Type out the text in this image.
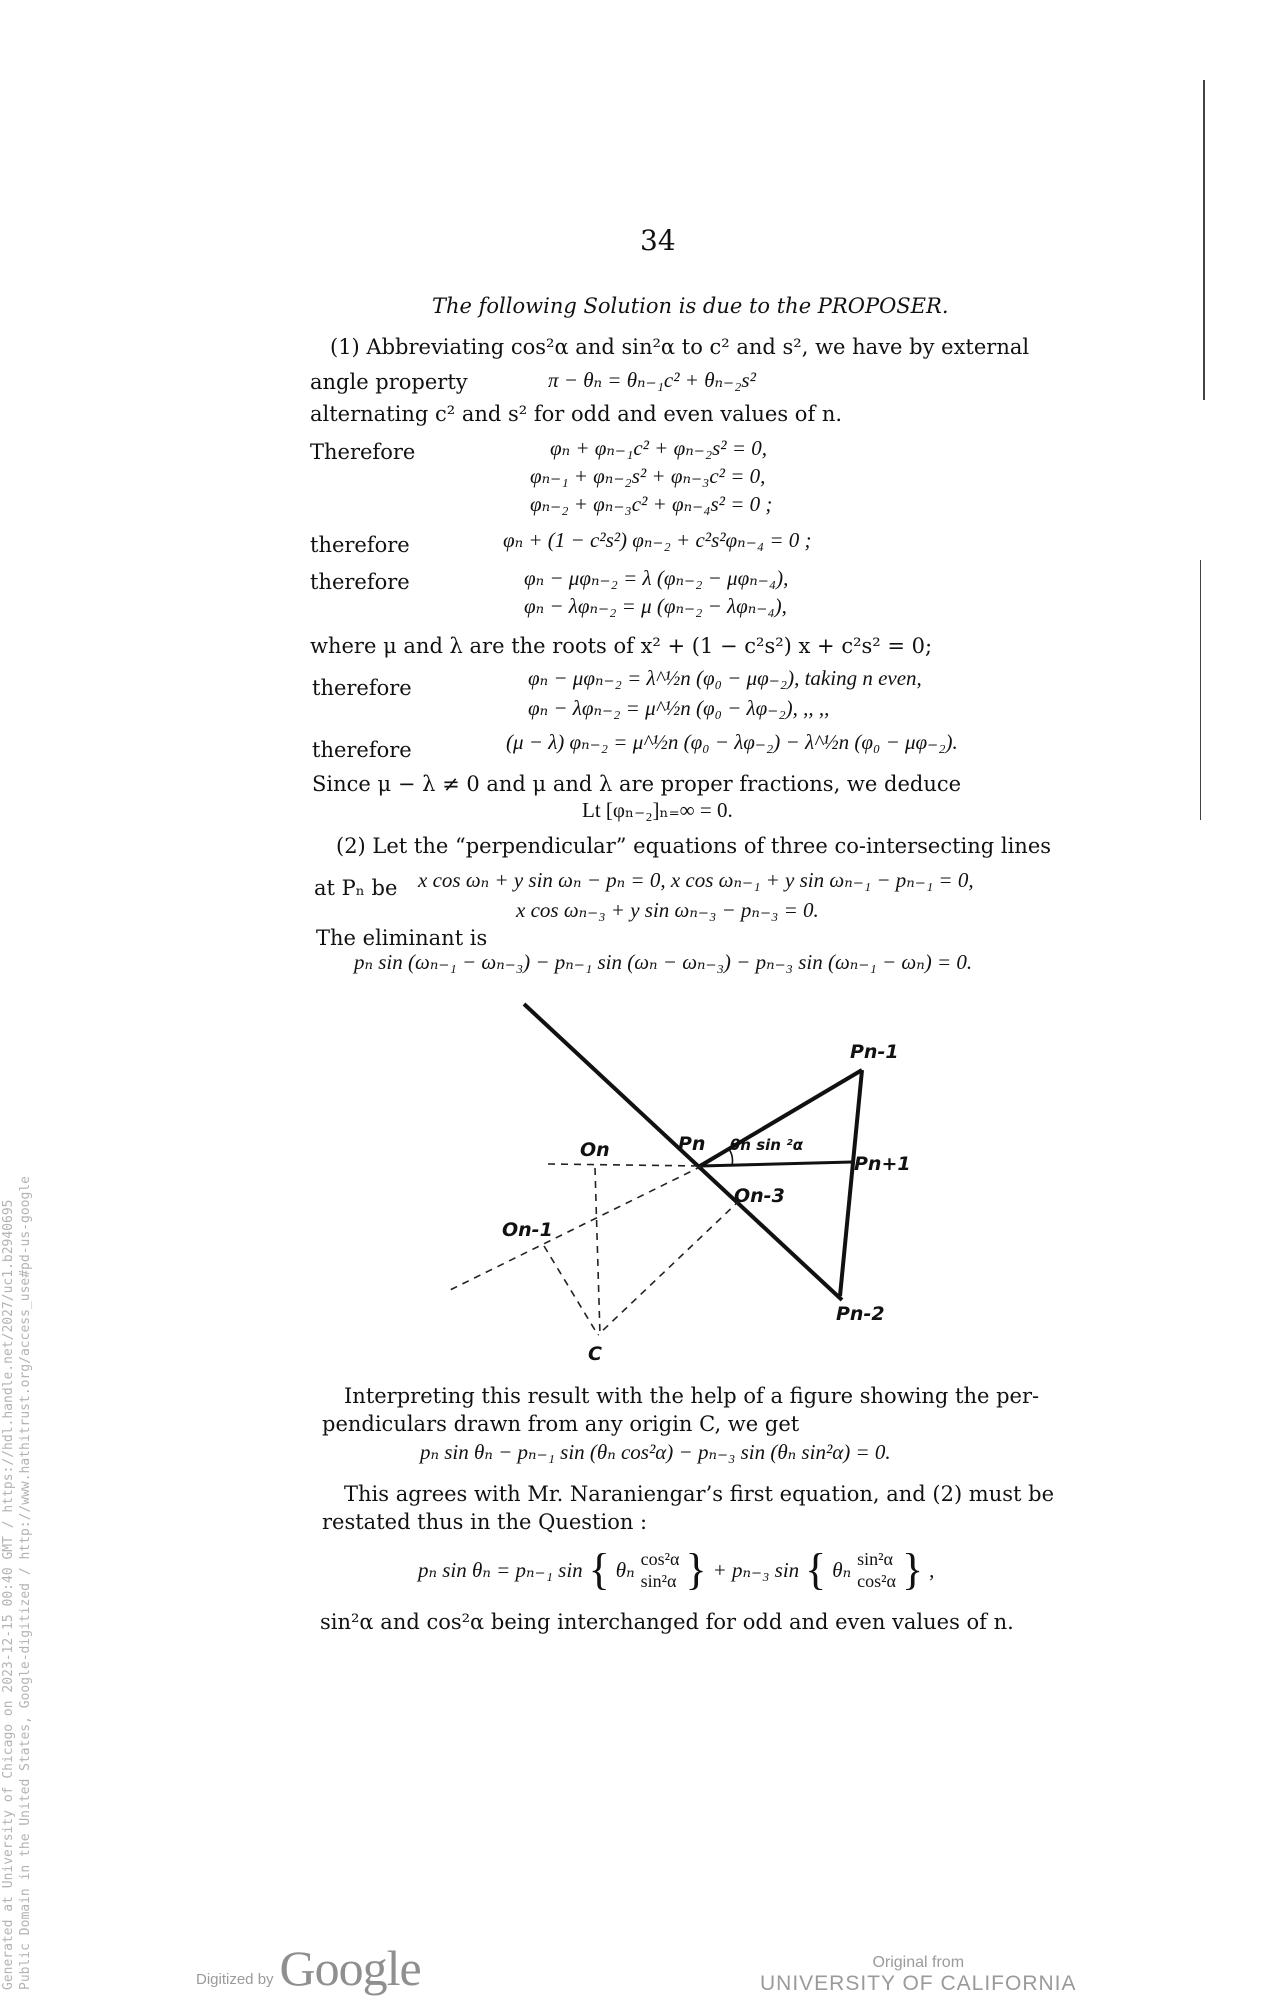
34
The following Solution is due to the PROPOSER.
(1) Abbreviating cos²α and sin²α to c² and s², we have by external
angle property	π − θₙ = θₙ₋₁c² + θₙ₋₂s²
alternating c² and s² for odd and even values of n.
Therefore	φₙ + φₙ₋₁c² + φₙ₋₂s² = 0,
φₙ₋₁ + φₙ₋₂s² + φₙ₋₃c² = 0,
φₙ₋₂ + φₙ₋₃c² + φₙ₋₄s² = 0 ;
therefore	φₙ + (1 − c²s²) φₙ₋₂ + c²s²φₙ₋₄ = 0 ;
therefore	φₙ − μφₙ₋₂ = λ (φₙ₋₂ − μφₙ₋₄),
φₙ − λφₙ₋₂ = μ (φₙ₋₂ − λφₙ₋₄),
where μ and λ are the roots of x² + (1 − c²s²) x + c²s² = 0;
therefore	φₙ − μφₙ₋₂ = λ^½n (φ₀ − μφ₋₂), taking n even,
φₙ − λφₙ₋₂ = μ^½n (φ₀ − λφ₋₂), ,, ,,
therefore	(μ − λ) φₙ₋₂ = μ^½n (φ₀ − λφ₋₂) − λ^½n (φ₀ − μφ₋₂).
Since μ − λ ≠ 0 and μ and λ are proper fractions, we deduce
Lt [φₙ₋₂]ₙ₌∞ = 0.
(2) Let the “perpendicular” equations of three co-intersecting lines
at Pₙ be x cos ωₙ + y sin ωₙ − pₙ = 0, x cos ωₙ₋₁ + y sin ωₙ₋₁ − pₙ₋₁ = 0,
x cos ωₙ₋₃ + y sin ωₙ₋₃ − pₙ₋₃ = 0.
The eliminant is
pₙ sin (ωₙ₋₁ − ωₙ₋₃) − pₙ₋₁ sin (ωₙ − ωₙ₋₃) − pₙ₋₃ sin (ωₙ₋₁ − ωₙ) = 0.
Pn-1
Pn θn sin ²α
Pn+1
On
On-3
On-1
Pn-2
C
Interpreting this result with the help of a figure showing the per-
pendiculars drawn from any origin C, we get
pₙ sin θₙ − pₙ₋₁ sin (θₙ cos²α) − pₙ₋₃ sin (θₙ sin²α) = 0.
This agrees with Mr. Naraniengar’s first equation, and (2) must be
restated thus in the Question :
pₙ sin θₙ = pₙ₋₁ sin { θₙ cos²α
sin²α } + pₙ₋₃ sin { θₙ sin²α
cos²α } ,
sin²α and cos²α being interchanged for odd and even values of n.
Generated at University of Chicago on 2023-12-15 00:40 GMT / https://hdl.handle.net/2027/uc1.b2940695 Public Domain in the United States, Google-digitized / http://www.hathitrust.org/access_use#pd-us-google	Digitized by Google	Original from
UNIVERSITY OF CALIFORNIA
